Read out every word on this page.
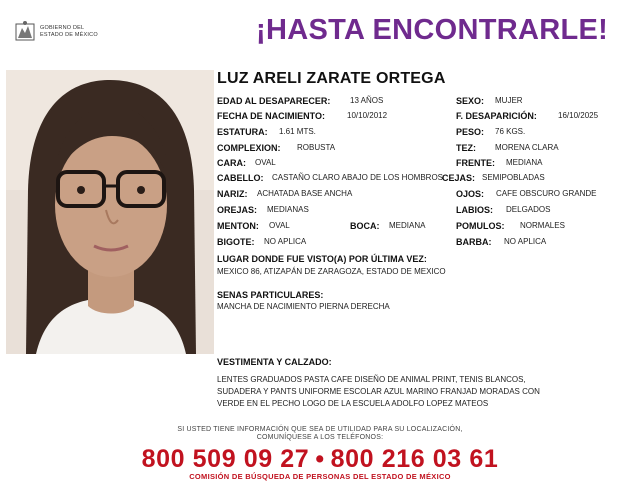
GOBIERNO DEL
ESTADO DE MÉXICO	¡HASTA ENCONTRARLE!
LUZ ARELI ZARATE ORTEGA
EDAD AL DESAPARECER: 13 AÑOS	SEXO: MUJER
FECHA DE NACIMIENTO:	10/10/2012	F. DESAPARICIÓN:	16/10/2025
ESTATURA: 1.61 MTS.	PESO: 76 KGS.
COMPLEXION: ROBUSTA	TEZ: MORENA CLARA
CARA: OVAL	FRENTE: MEDIANA
CABELLO: CASTAÑO CLARO ABAJO DE LOS HOMBROS CEJAS: SEMIPOBLADAS
NARIZ: ACHATADA BASE ANCHA	OJOS: CAFE OBSCURO GRANDE
OREJAS: MEDIANAS	LABIOS: DELGADOS
MENTON: OVAL	BOCA: MEDIANA	POMULOS: NORMALES
BIGOTE: NO APLICA	BARBA: NO APLICA
LUGAR DONDE FUE VISTO(A) POR ÚLTIMA VEZ:
MEXICO 86, ATIZAPÁN DE ZARAGOZA, ESTADO DE MEXICO
SENAS PARTICULARES:
MANCHA DE NACIMIENTO PIERNA DERECHA
VESTIMENTA Y CALZADO:
LENTES GRADUADOS PASTA CAFE DISEÑO DE ANIMAL PRINT, TENIS BLANCOS,
SUDADERA Y PANTS UNIFORME ESCOLAR AZUL MARINO FRANJAD MORADAS CON
VERDE EN EL PECHO LOGO DE LA ESCUELA ADOLFO LOPEZ MATEOS
SI USTED TIENE INFORMACIÓN QUE SEA DE UTILIDAD PARA SU LOCALIZACIÓN,
COMUNÍQUESE A LOS TELÉFONOS:
800 509 09 27 • 800 216 03 61
COMISIÓN DE BÚSQUEDA DE PERSONAS DEL ESTADO DE MÉXICO
